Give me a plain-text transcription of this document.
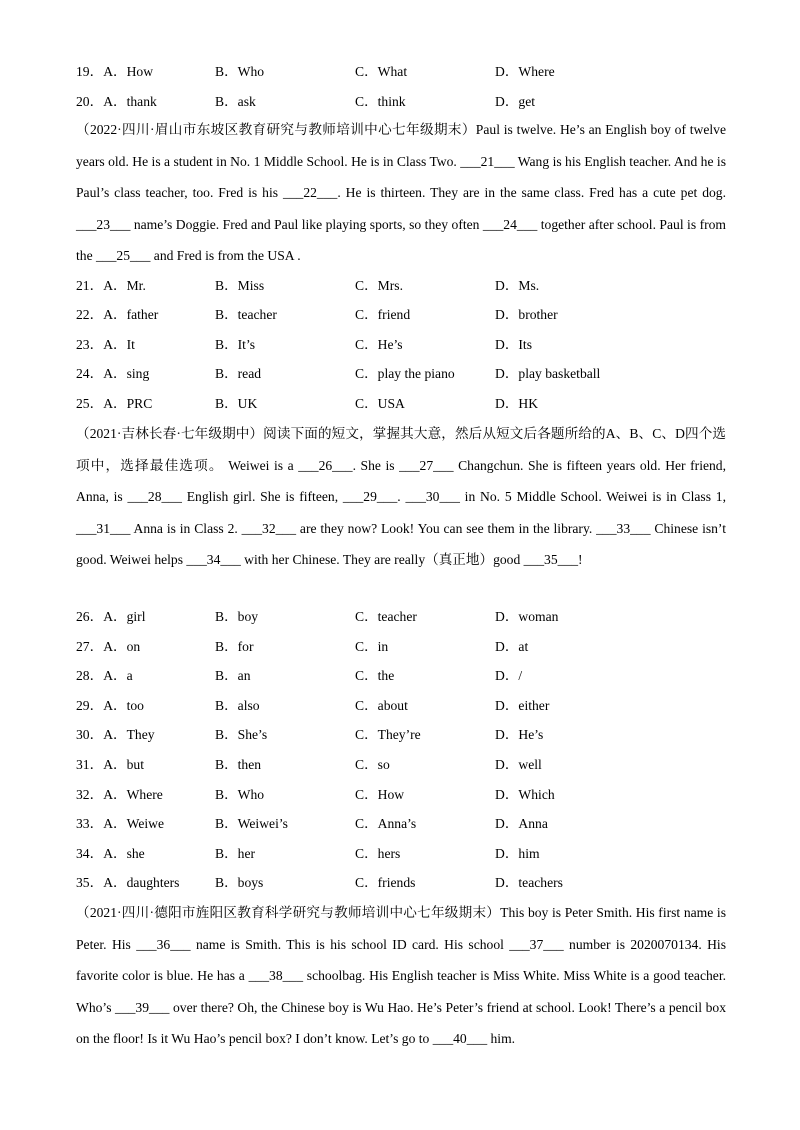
19．A．How	B．Who	C．What	D．Where
20．A．thank	B．ask	C．think	D．get
（2022·四川·眉山市东坡区教育研究与教师培训中心七年级期末）Paul is twelve. He’s an English boy of twelve years old. He is a student in No. 1 Middle School. He is in Class Two. ___21___ Wang is his English teacher. And he is Paul’s class teacher, too. Fred is his ___22___. He is thirteen. They are in the same class. Fred has a cute pet dog. ___23___ name’s Doggie. Fred and Paul like playing sports, so they often ___24___ together after school. Paul is from the ___25___ and Fred is from the USA .
21．A．Mr.	B．Miss	C．Mrs.	D．Ms.
22．A．father	B．teacher	C．friend	D．brother
23．A．It	B．It’s	C．He’s	D．Its
24．A．sing	B．read	C．play the piano	D．play basketball
25．A．PRC	B．UK	C．USA	D．HK
（2021·吉林长春·七年级期中）阅读下面的短文，掌握其大意，然后从短文后各题所给的A、B、C、D四个选项中，选择最佳选项。 Weiwei is a ___26___. She is ___27___ Changchun. She is fifteen years old. Her friend, Anna, is ___28___ English girl. She is fifteen, ___29___. ___30___ in No. 5 Middle School. Weiwei is in Class 1, ___31___ Anna is in Class 2. ___32___ are they now? Look! You can see them in the library. ___33___ Chinese isn’t good. Weiwei helps ___34___ with her Chinese. They are really（真正地）good ___35___!
26．A．girl	B．boy	C．teacher	D．woman
27．A．on	B．for	C．in	D．at
28．A．a	B．an	C．the	D．/
29．A．too	B．also	C．about	D．either
30．A．They	B．She’s	C．They’re	D．He’s
31．A．but	B．then	C．so	D．well
32．A．Where	B．Who	C．How	D．Which
33．A．Weiwe	B．Weiwei’s	C．Anna’s	D．Anna
34．A．she	B．her	C．hers	D．him
35．A．daughters	B．boys	C．friends	D．teachers
（2021·四川·德阳市旌阳区教育科学研究与教师培训中心七年级期末）This boy is Peter Smith. His first name is Peter. His ___36___ name is Smith. This is his school ID card. His school ___37___ number is 2020070134. His favorite color is blue. He has a ___38___ schoolbag. His English teacher is Miss White. Miss White is a good teacher. Who’s ___39___ over there? Oh, the Chinese boy is Wu Hao. He’s Peter’s friend at school. Look! There’s a pencil box on the floor! Is it Wu Hao’s pencil box? I don’t know. Let’s go to ___40___ him.
